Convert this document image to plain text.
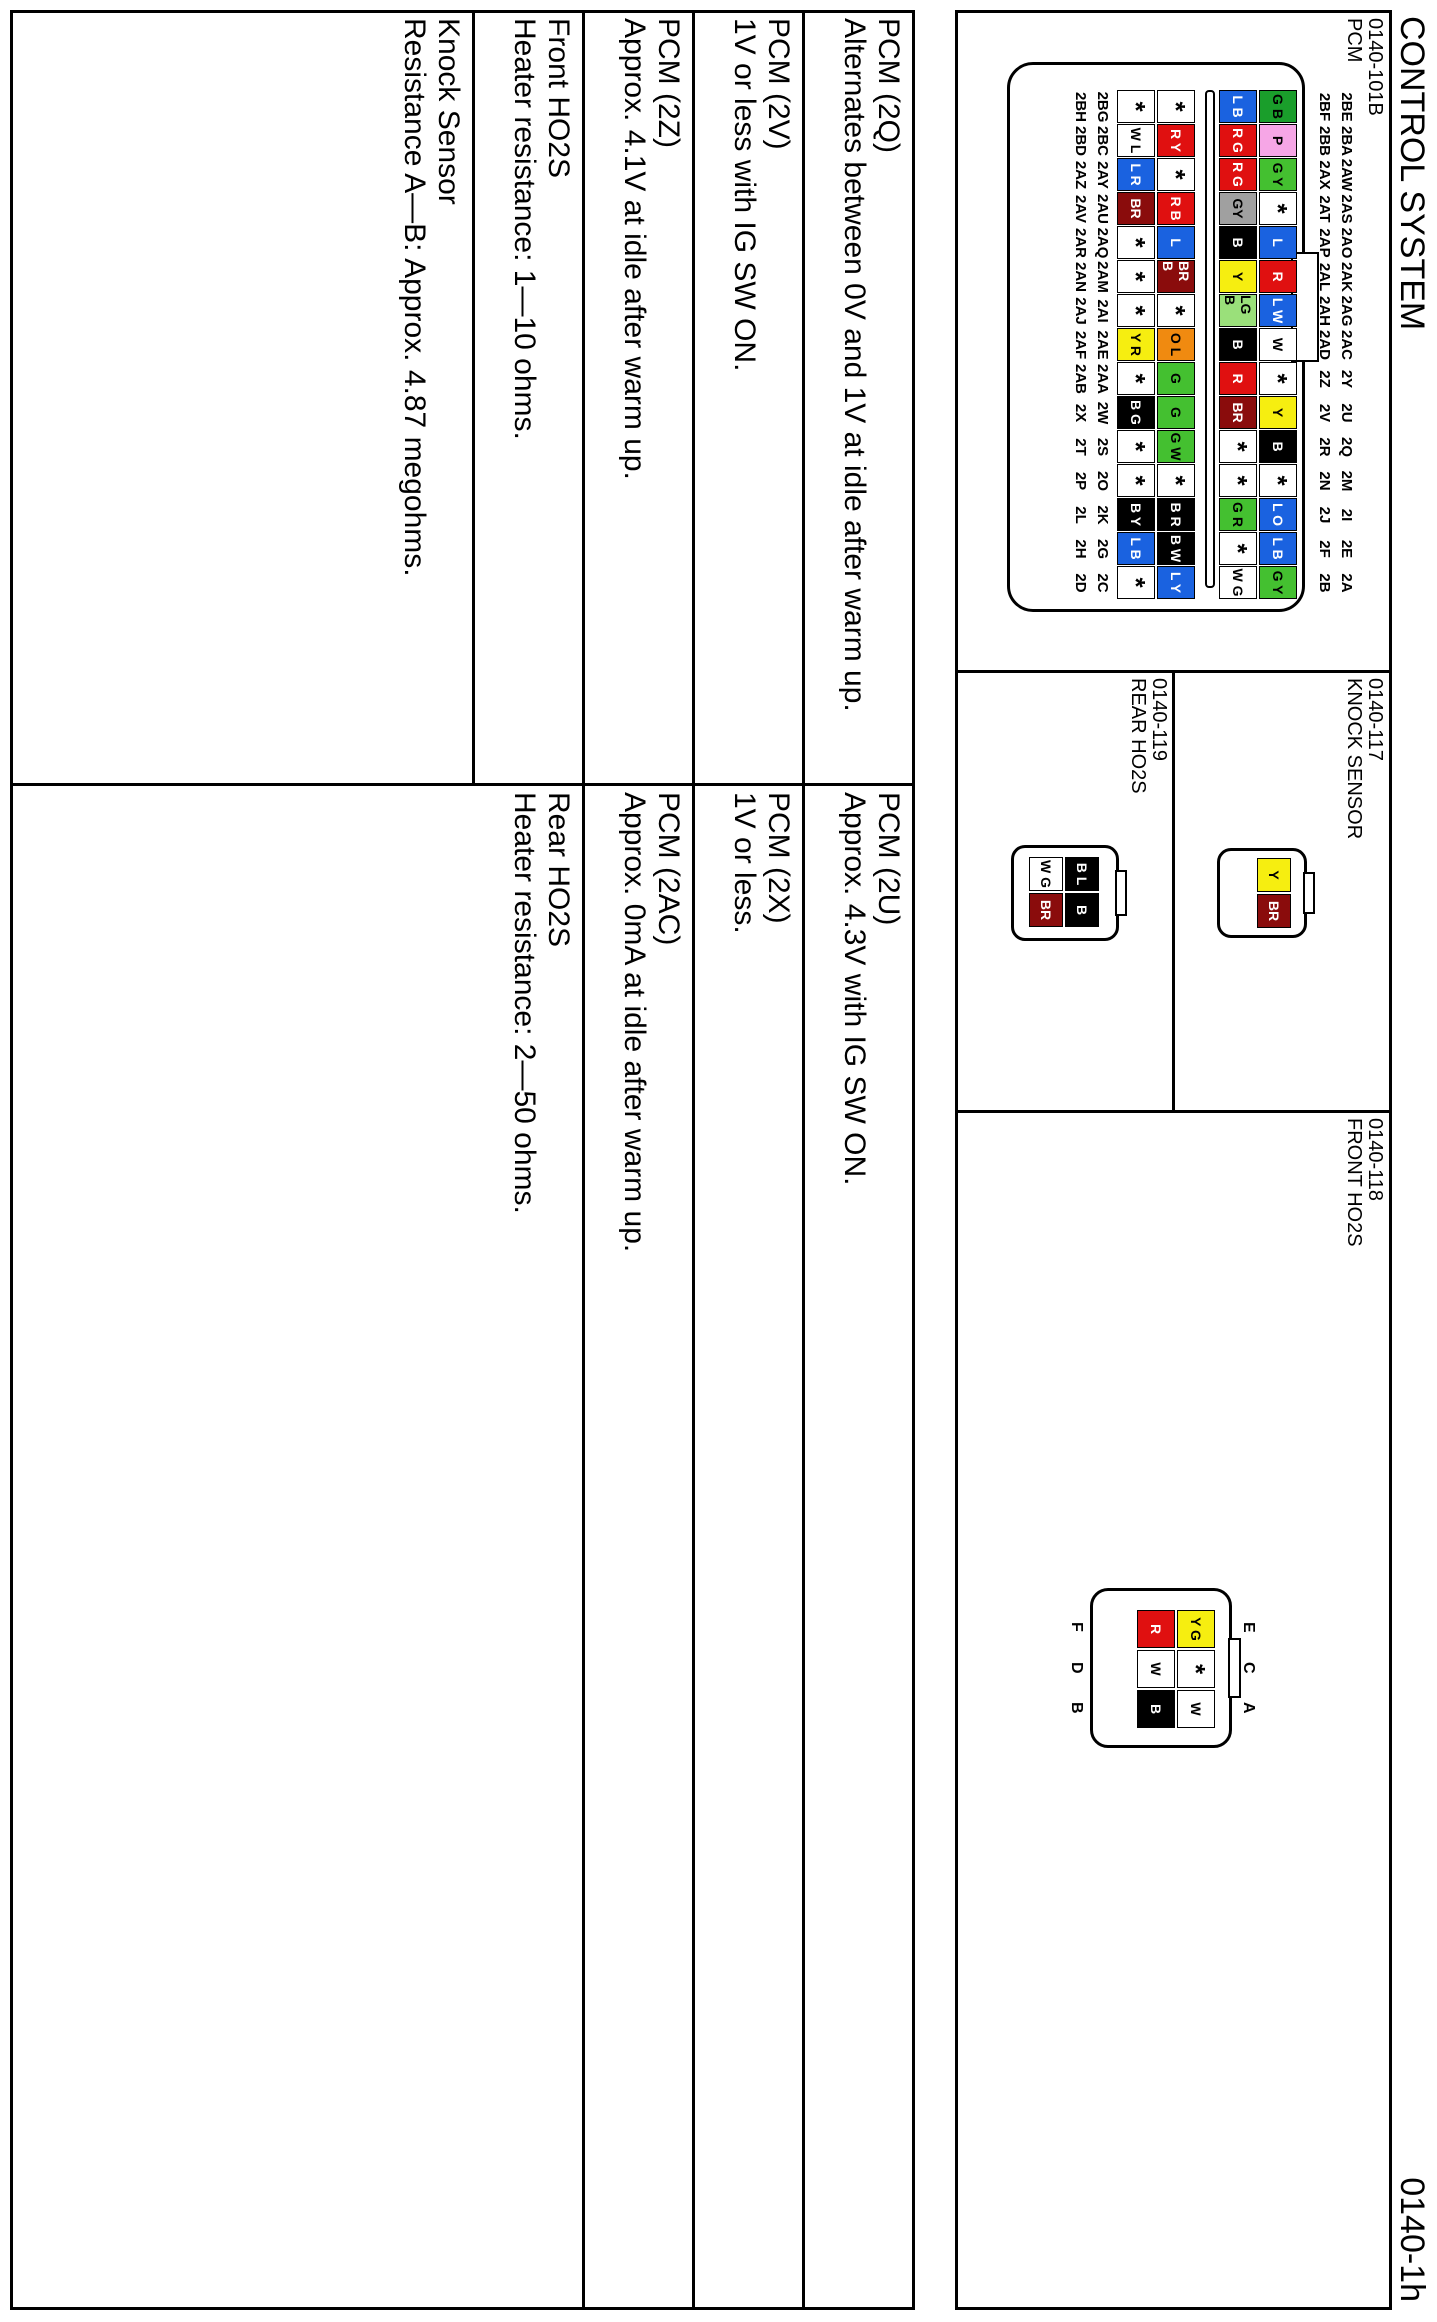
CONTROL SYSTEM
0140-1h
0140-101B
PCM
2BE
2BA
2AW
2AS
2AO
2AK
2AG
2AC
2Y
2U
2Q
2M
2I
2E
2A
2BF
2BB
2AX
2AT
2AP
2AL
2AH
2AD
2Z
2V
2R
2N
2J
2F
2B
G B
P
G Y
*
L
R
L W
W
*
Y
B
*
L O
L B
G Y
L B
R G
R G
GY
B
Y
LG B
B
R
BR
*
*
G R
*
W G
*
R Y
*
R B
L
BR B
*
O L
G
G
G W
*
B R
B W
L Y
*
W L
L R
BR
*
*
*
Y R
*
B G
*
*
B Y
L B
*
2BG
2BC
2AY
2AU
2AQ
2AM
2AI
2AE
2AA
2W
2S
2O
2K
2G
2C
2BH
2BD
2AZ
2AV
2AR
2AN
2AJ
2AF
2AB
2X
2T
2P
2L
2H
2D
0140-117
KNOCK SENSOR
Y
BR
0140-119
REAR HO2S
B L
B
W G
BR
0140-118
FRONT HO2S
E
C
A
F
D
B
Y G
*
W
R
W
B
PCM (2Q)
Alternates between 0V and 1V at idle after warm up.
PCM (2V)
1V or less with IG SW ON.
PCM (2Z)
Approx. 4.1V at idle after warm up.
Front HO2S
Heater resistance: 1—10 ohms.
Knock Sensor
Resistance A—B: Approx. 4.87 megohms.
PCM (2U)
Approx. 4.3V with IG SW ON.
PCM (2X)
1V or less.
PCM (2AC)
Approx. 0mA at idle after warm up.
Rear HO2S
Heater resistance: 2—50 ohms.
